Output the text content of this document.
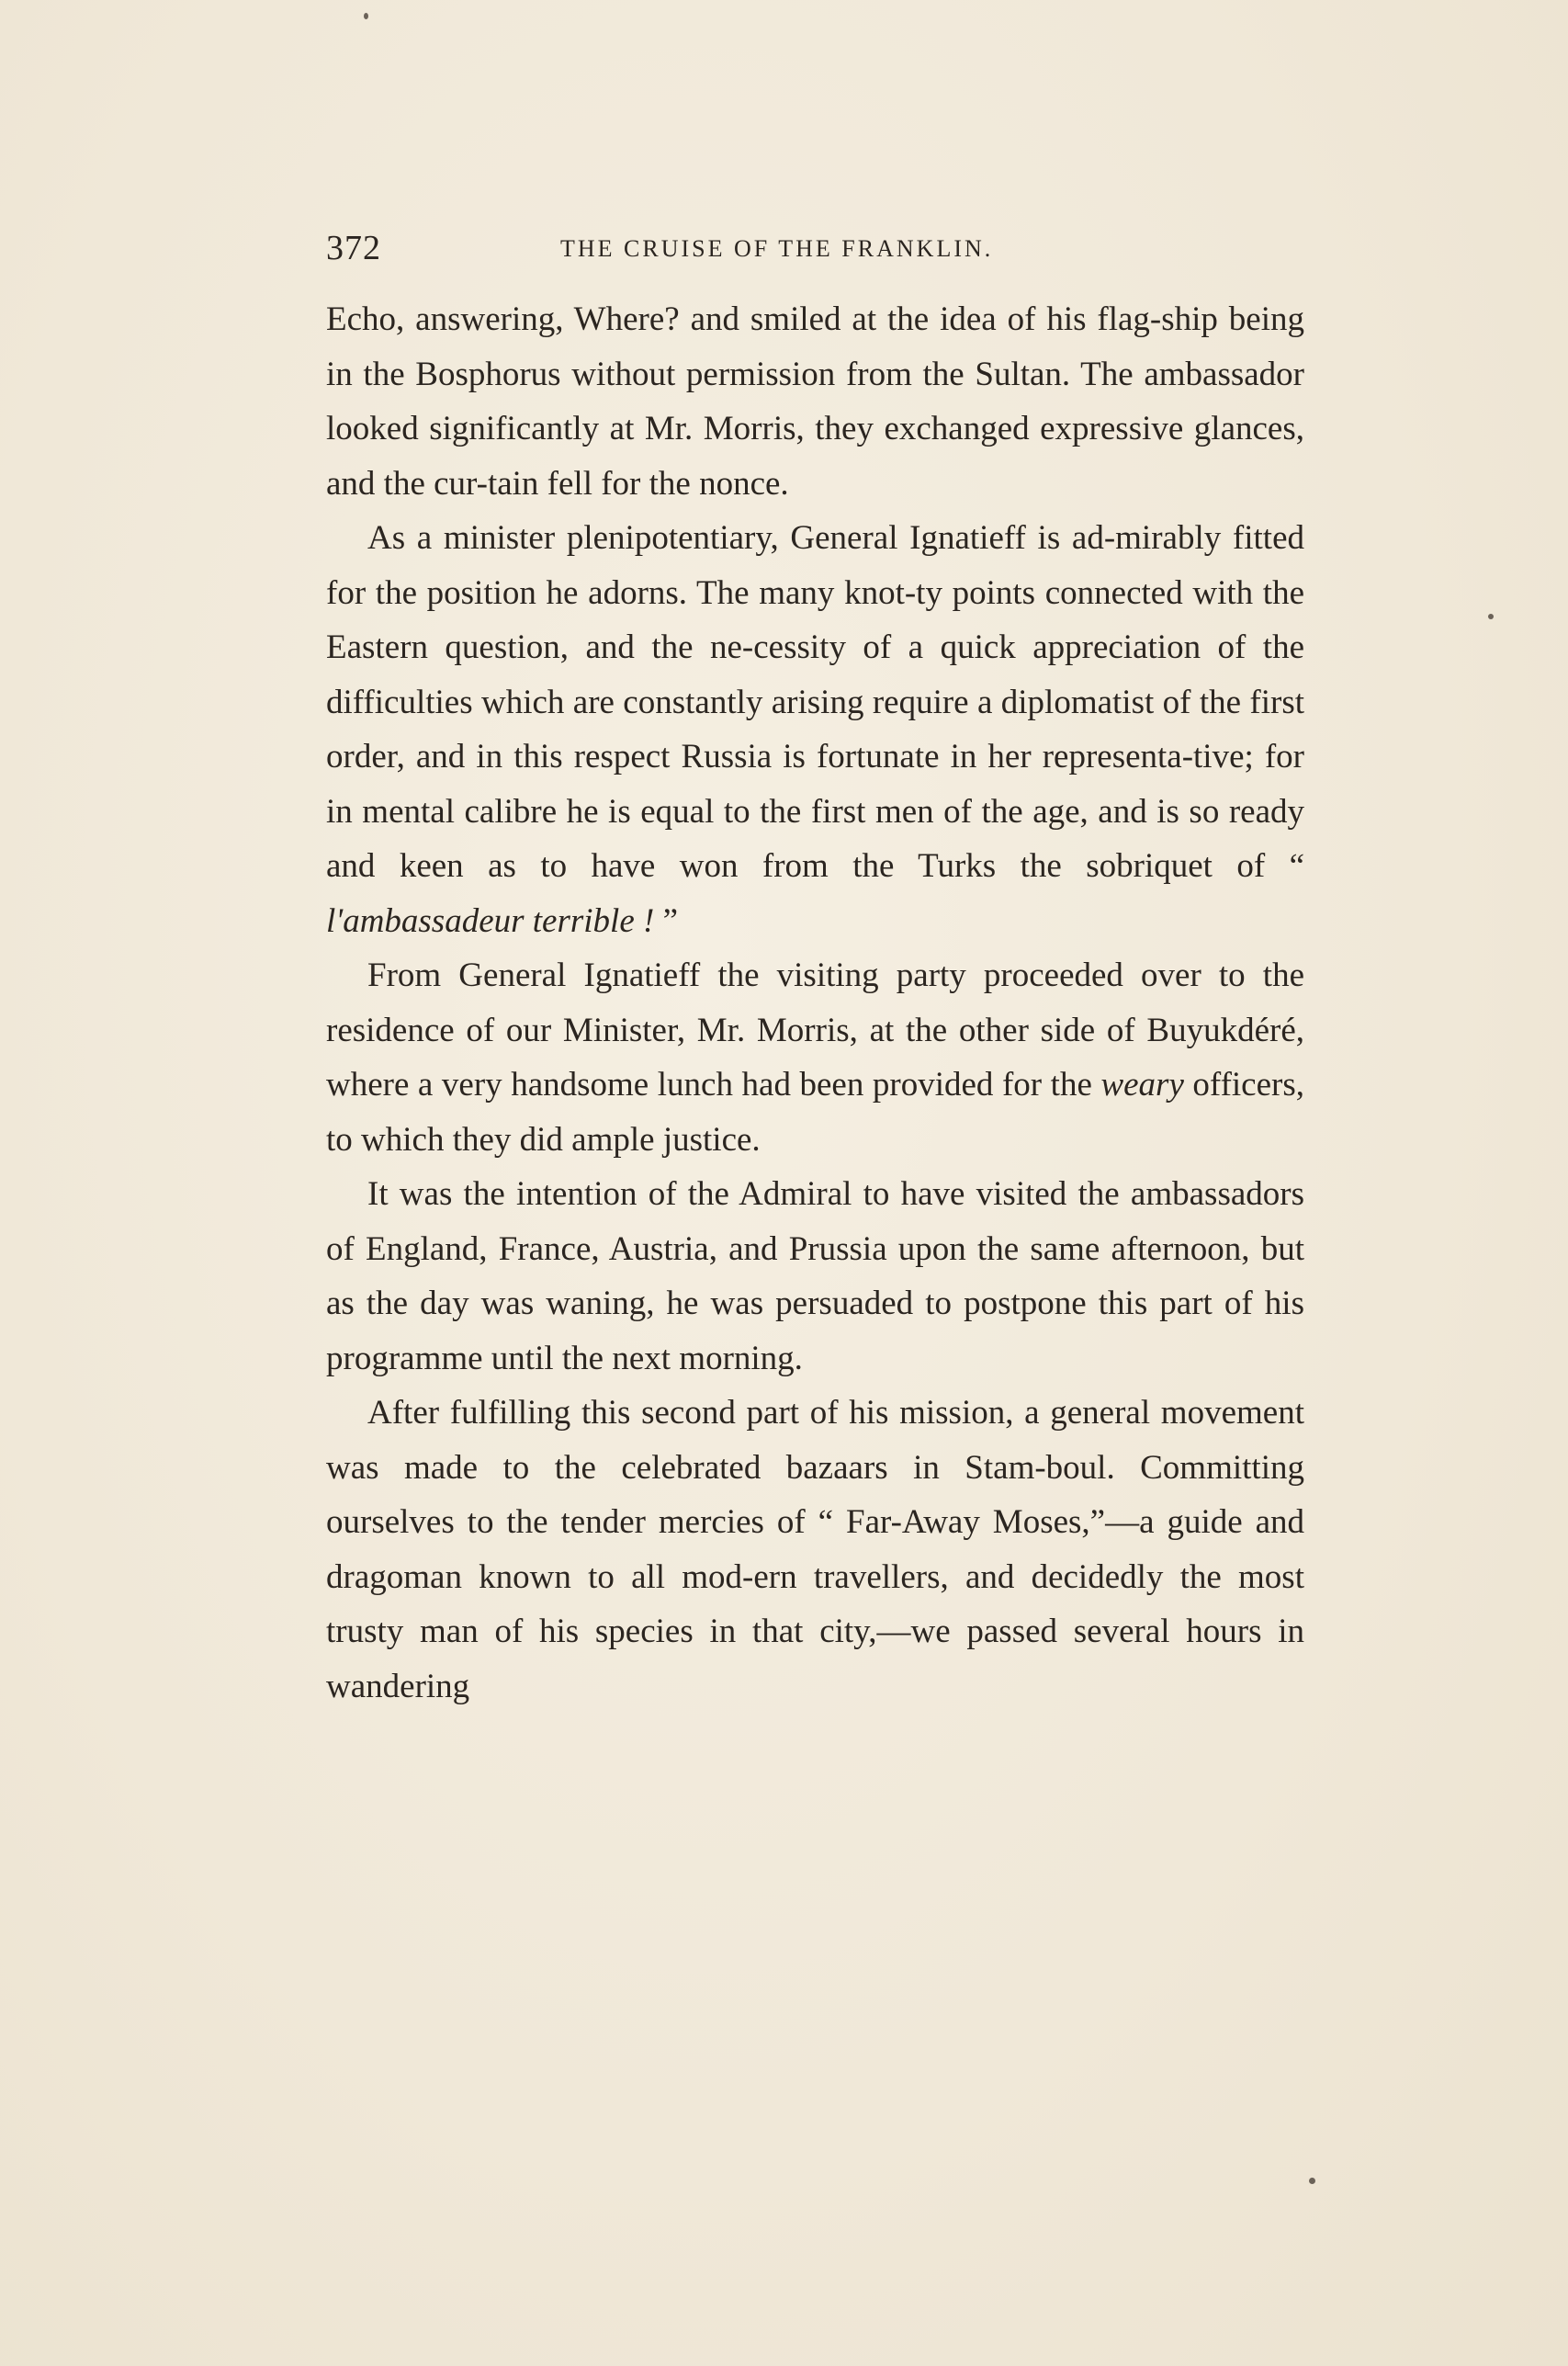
372	THE CRUISE OF THE FRANKLIN.

Echo, answering, Where? and smiled at the idea of his flag-ship being in the Bosphorus without permission from the Sultan. The ambassador looked significantly at Mr. Morris, they exchanged expressive glances, and the cur-tain fell for the nonce.

As a minister plenipotentiary, General Ignatieff is ad-mirably fitted for the position he adorns. The many knot-ty points connected with the Eastern question, and the ne-cessity of a quick appreciation of the difficulties which are constantly arising require a diplomatist of the first order, and in this respect Russia is fortunate in her representa-tive; for in mental calibre he is equal to the first men of the age, and is so ready and keen as to have won from the Turks the sobriquet of “ l'ambassadeur terrible ! ”

From General Ignatieff the visiting party proceeded over to the residence of our Minister, Mr. Morris, at the other side of Buyukdéré, where a very handsome lunch had been provided for the weary officers, to which they did ample justice.

It was the intention of the Admiral to have visited the ambassadors of England, France, Austria, and Prussia upon the same afternoon, but as the day was waning, he was persuaded to postpone this part of his programme until the next morning.

After fulfilling this second part of his mission, a general movement was made to the celebrated bazaars in Stam-boul. Committing ourselves to the tender mercies of “ Far-Away Moses,”—a guide and dragoman known to all mod-ern travellers, and decidedly the most trusty man of his species in that city,—we passed several hours in wandering
